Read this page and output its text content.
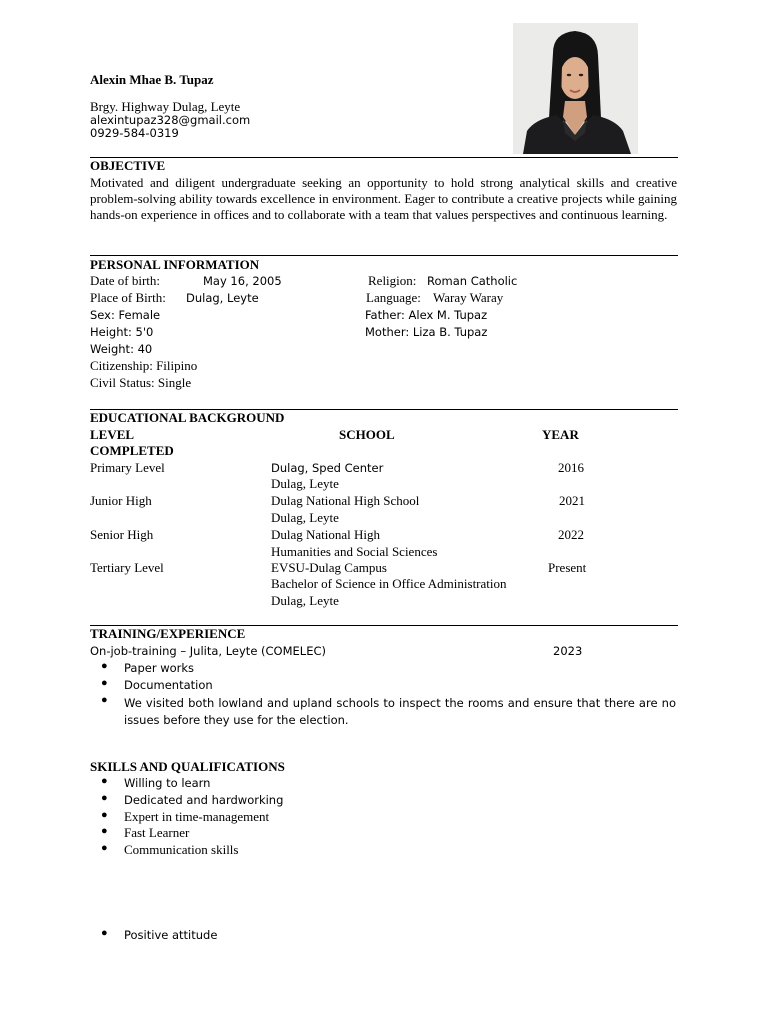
Alexin Mhae B. Tupaz
Brgy. Highway Dulag, Leyte
alexintupaz328@gmail.com
0929-584-0319
OBJECTIVE
Motivated and diligent undergraduate seeking an opportunity to hold strong analytical skills and creative problem-solving ability towards excellence in environment. Eager to contribute a creative projects while gaining hands-on experience in offices and to collaborate with a team that values perspectives and continuous learning.
PERSONAL INFORMATION
Date of birth:	May 16, 2005	Religion: Roman Catholic
Place of Birth: Dulag, Leyte	Language: Waray Waray
Sex: Female	Father: Alex M. Tupaz
Height: 5'0	Mother: Liza B. Tupaz
Weight: 40
Citizenship: Filipino
Civil Status: Single
EDUCATIONAL BACKGROUND
LEVEL	SCHOOL	YEAR
COMPLETED
Primary Level	Dulag, Sped Center	2016
Dulag, Leyte
Junior High	Dulag National High School	2021
Dulag, Leyte
Senior High	Dulag National High	2022
Humanities and Social Sciences
Tertiary Level	EVSU-Dulag Campus	Present
Bachelor of Science in Office Administration
Dulag, Leyte
TRAINING/EXPERIENCE
On-job-training – Julita, Leyte (COMELEC)	2023
● Paper works
● Documentation
● We visited both lowland and upland schools to inspect the rooms and ensure that there are no issues before they use for the election.
SKILLS AND QUALIFICATIONS
● Willing to learn
● Dedicated and hardworking
● Expert in time-management
● Fast Learner
● Communication skills
● Positive attitude
